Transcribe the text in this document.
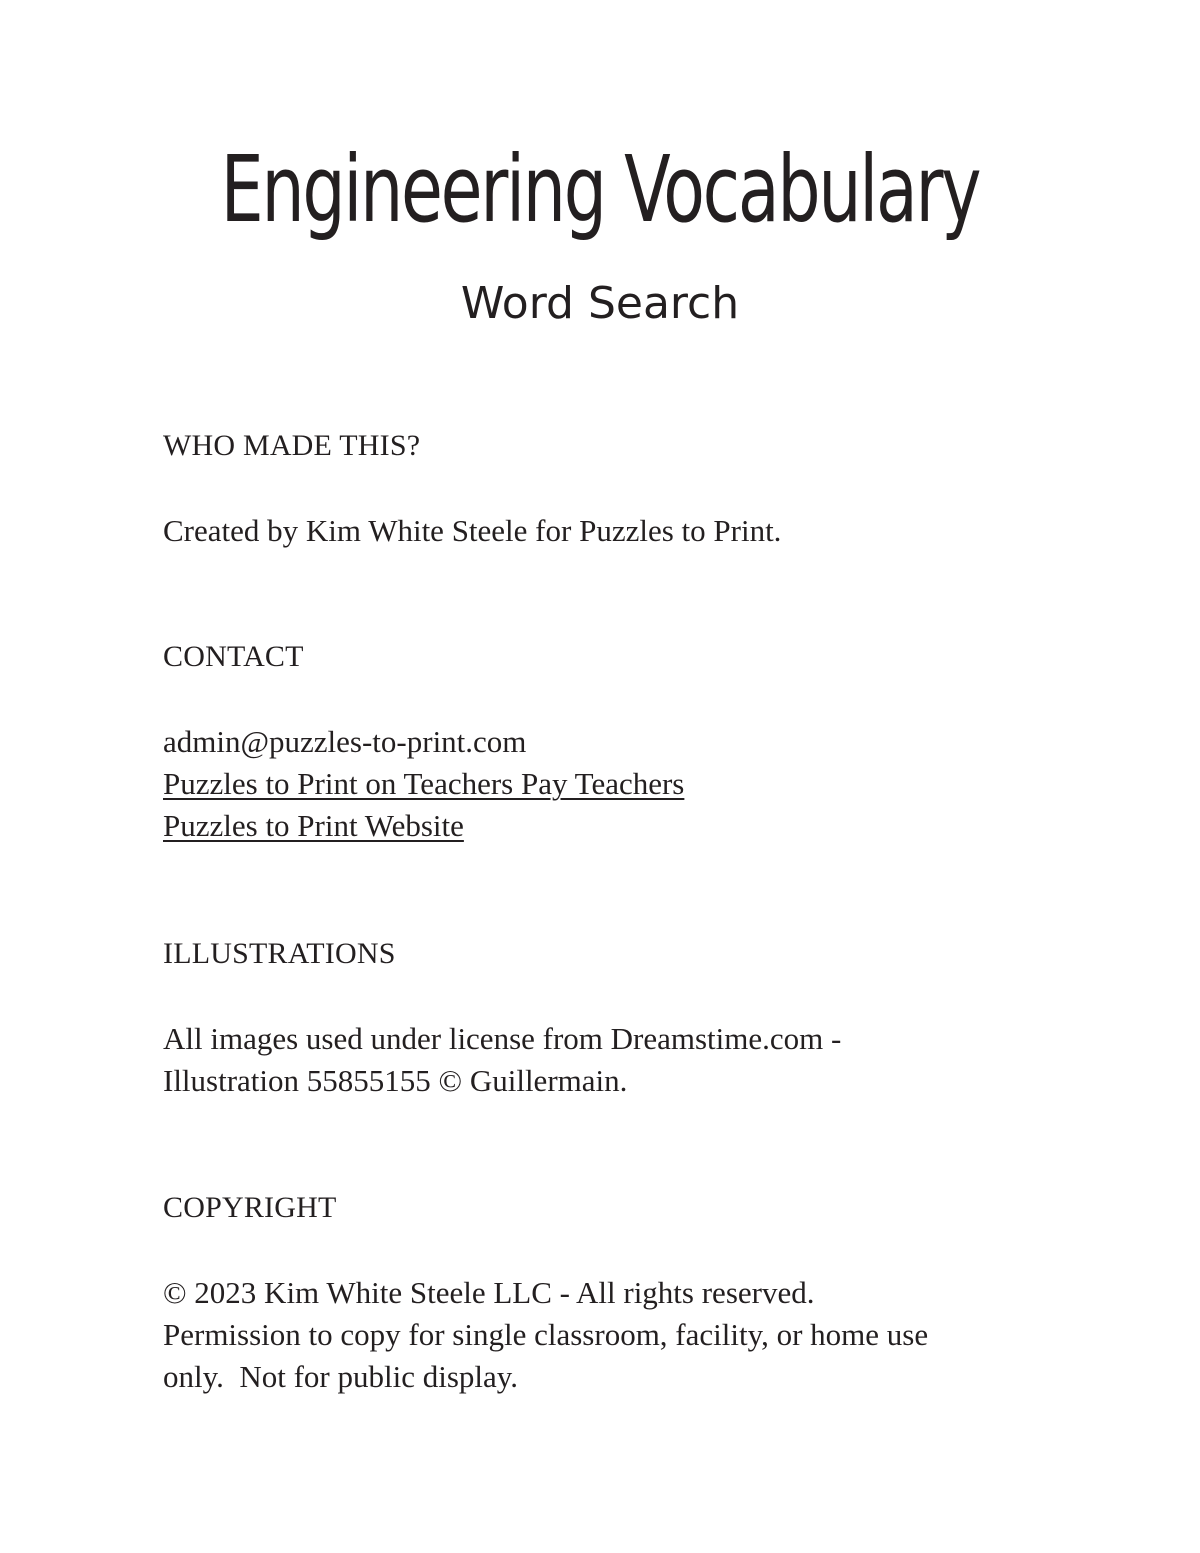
Engineering Vocabulary
Word Search
WHO MADE THIS?
Created by Kim White Steele for Puzzles to Print.
CONTACT
admin@puzzles-to-print.com
Puzzles to Print on Teachers Pay Teachers
Puzzles to Print Website
ILLUSTRATIONS
All images used under license from Dreamstime.com -
Illustration 55855155 © Guillermain.
COPYRIGHT
© 2023 Kim White Steele LLC - All rights reserved.
Permission to copy for single classroom, facility, or home use
only.  Not for public display.
